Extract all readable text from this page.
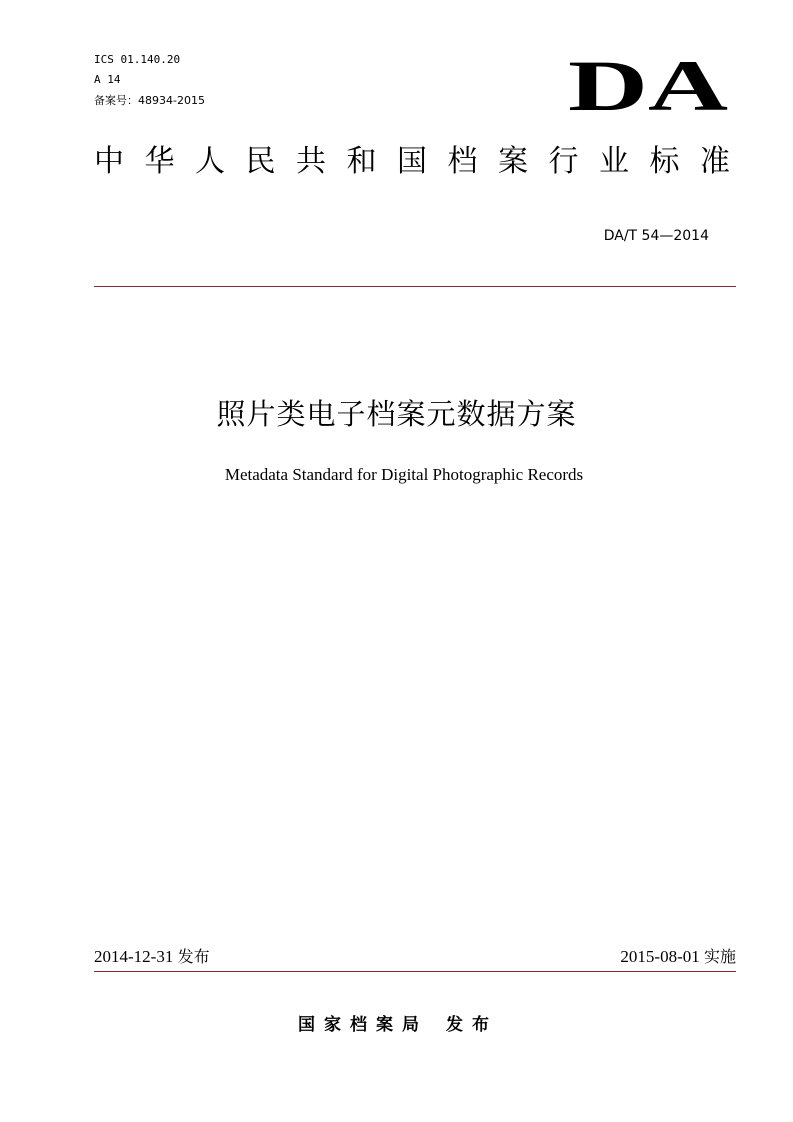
ICS 01.140.20
A 14
备案号：48934-2015	DA
中 华 人 民 共 和 国 档 案 行 业 标 准
DA/T 54—2014
照片类电子档案元数据方案
Metadata Standard for Digital Photographic Records
2014-12-31 发布	2015-08-01 实施
国家档案局 发布
